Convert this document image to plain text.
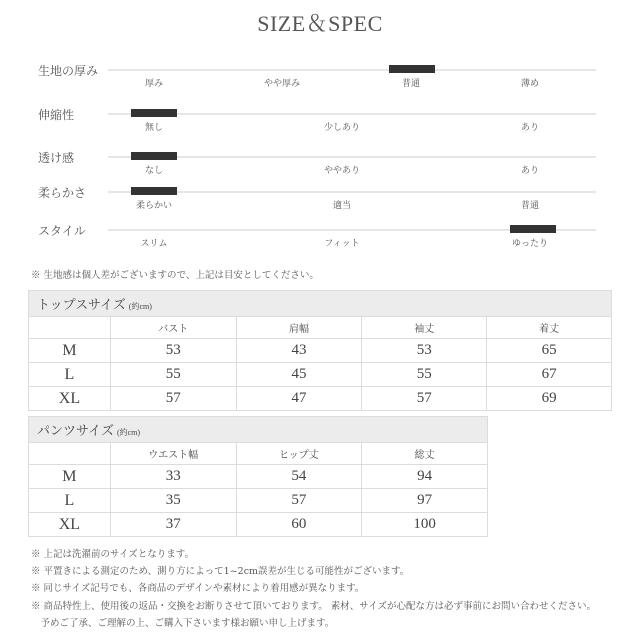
SIZE＆SPEC
生地の厚み
厚み	やや厚み	普通	薄め
伸縮性
無し	少しあり	あり
透け感
なし	ややあり	あり
柔らかさ
柔らかい	適当	普通
スタイル
スリム	フィット	ゆったり
※ 生地感は個人差がございますので、上記は目安としてください。
トップスサイズ (約cm)				
	バスト	肩幅	袖丈	着丈
M	53	43	53	65
L	55	45	55	67
XL	57	47	57	69
パンツサイズ (約cm)			
	ウエスト幅	ヒップ丈	総丈
M	33	54	94
L	35	57	97
XL	37	60	100
※ 上記は洗濯前のサイズとなります。
※ 平置きによる測定のため、測り方によって1~2cm誤差が生じる可能性がございます。
※ 同じサイズ記号でも、各商品のデザインや素材により着用感が異なります。
※ 商品特性上、使用後の返品・交換をお断りさせて頂いております。 素材、サイズが心配な方は必ず事前にお問い合わせください。
　予めご了承、ご理解の上、ご購入下さいます様お願い申し上げます。
